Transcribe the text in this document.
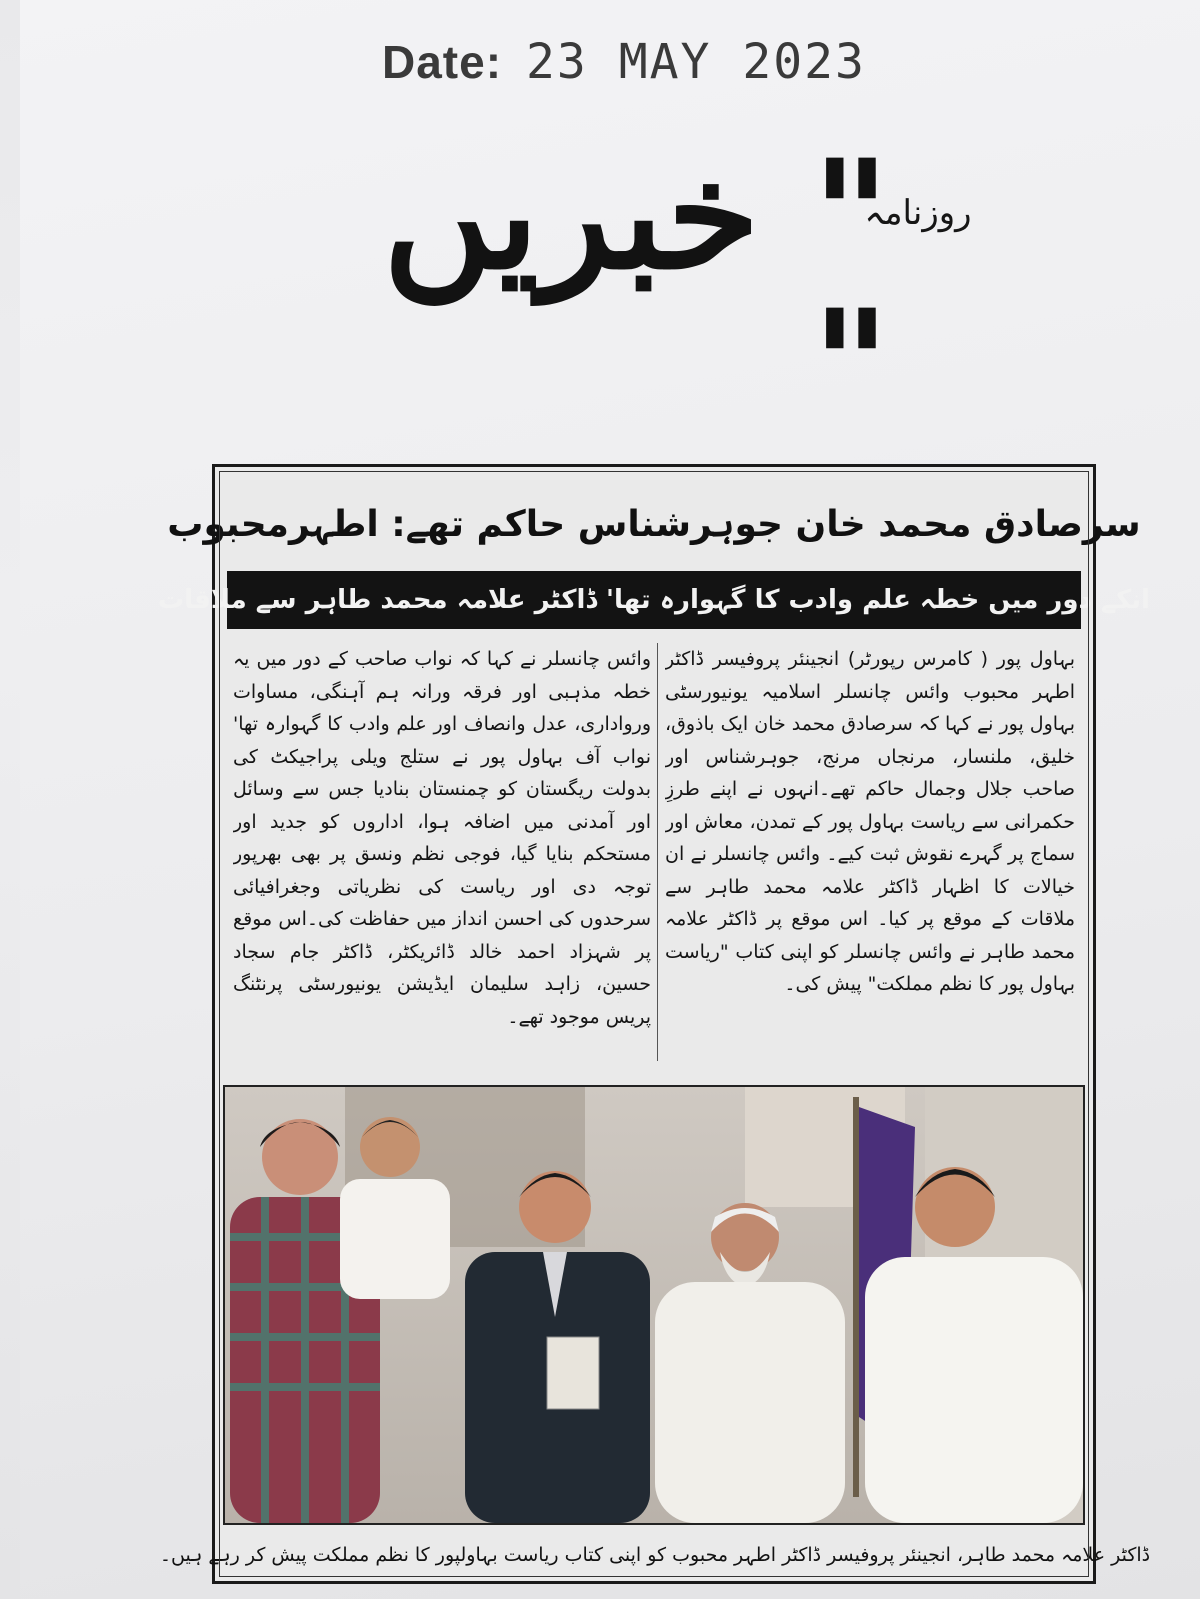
Date: 23 MAY 2023
روزنامہ
" خبریں "
سرصادق محمد خان جوہرشناس حاکم تھے: اطہرمحبوب
انکے دور میں خطہ علم وادب کا گہوارہ تھا' ڈاکٹر علامہ محمد طاہر سے ملاقات

بہاول پور ( کامرس رپورٹر) انجینئر پروفیسر ڈاکٹر اطہر محبوب وائس چانسلر اسلامیہ یونیورسٹی بہاول پور نے کہا کہ سرصادق محمد خان ایک باذوق، خلیق، ملنسار، مرنجاں مرنج، جوہرشناس اور صاحب جلال وجمال حاکم تھے۔انہوں نے اپنے طرزِ حکمرانی سے ریاست بہاول پور کے تمدن، معاش اور سماج پر گہرے نقوش ثبت کیے۔ وائس چانسلر نے ان خیالات کا اظہار ڈاکٹر علامہ محمد طاہر سے ملاقات کے موقع پر کیا۔ اس موقع پر ڈاکٹر علامہ محمد طاہر نے وائس چانسلر کو اپنی کتاب "ریاست بہاول پور کا نظم مملکت" پیش کی۔

وائس چانسلر نے کہا کہ نواب صاحب کے دور میں یہ خطہ مذہبی اور فرقہ ورانہ ہم آہنگی، مساوات ورواداری، عدل وانصاف اور علم وادب کا گہوارہ تھا' نواب آف بہاول پور نے ستلج ویلی پراجیکٹ کی بدولت ریگستان کو چمنستان بنادیا جس سے وسائل اور آمدنی میں اضافہ ہوا، اداروں کو جدید اور مستحکم بنایا گیا، فوجی نظم ونسق پر بھی بھرپور توجہ دی اور ریاست کی نظریاتی وجغرافیائی سرحدوں کی احسن انداز میں حفاظت کی۔اس موقع پر شہزاد احمد خالد ڈائریکٹر، ڈاکٹر جام سجاد حسین، زاہد سلیمان ایڈیشن یونیورسٹی پرنٹنگ پریس موجود تھے۔

ڈاکٹر علامہ محمد طاہر، انجینئر پروفیسر ڈاکٹر اطہر محبوب کو اپنی کتاب ریاست بہاولپور کا نظم مملکت پیش کر رہے ہیں۔
